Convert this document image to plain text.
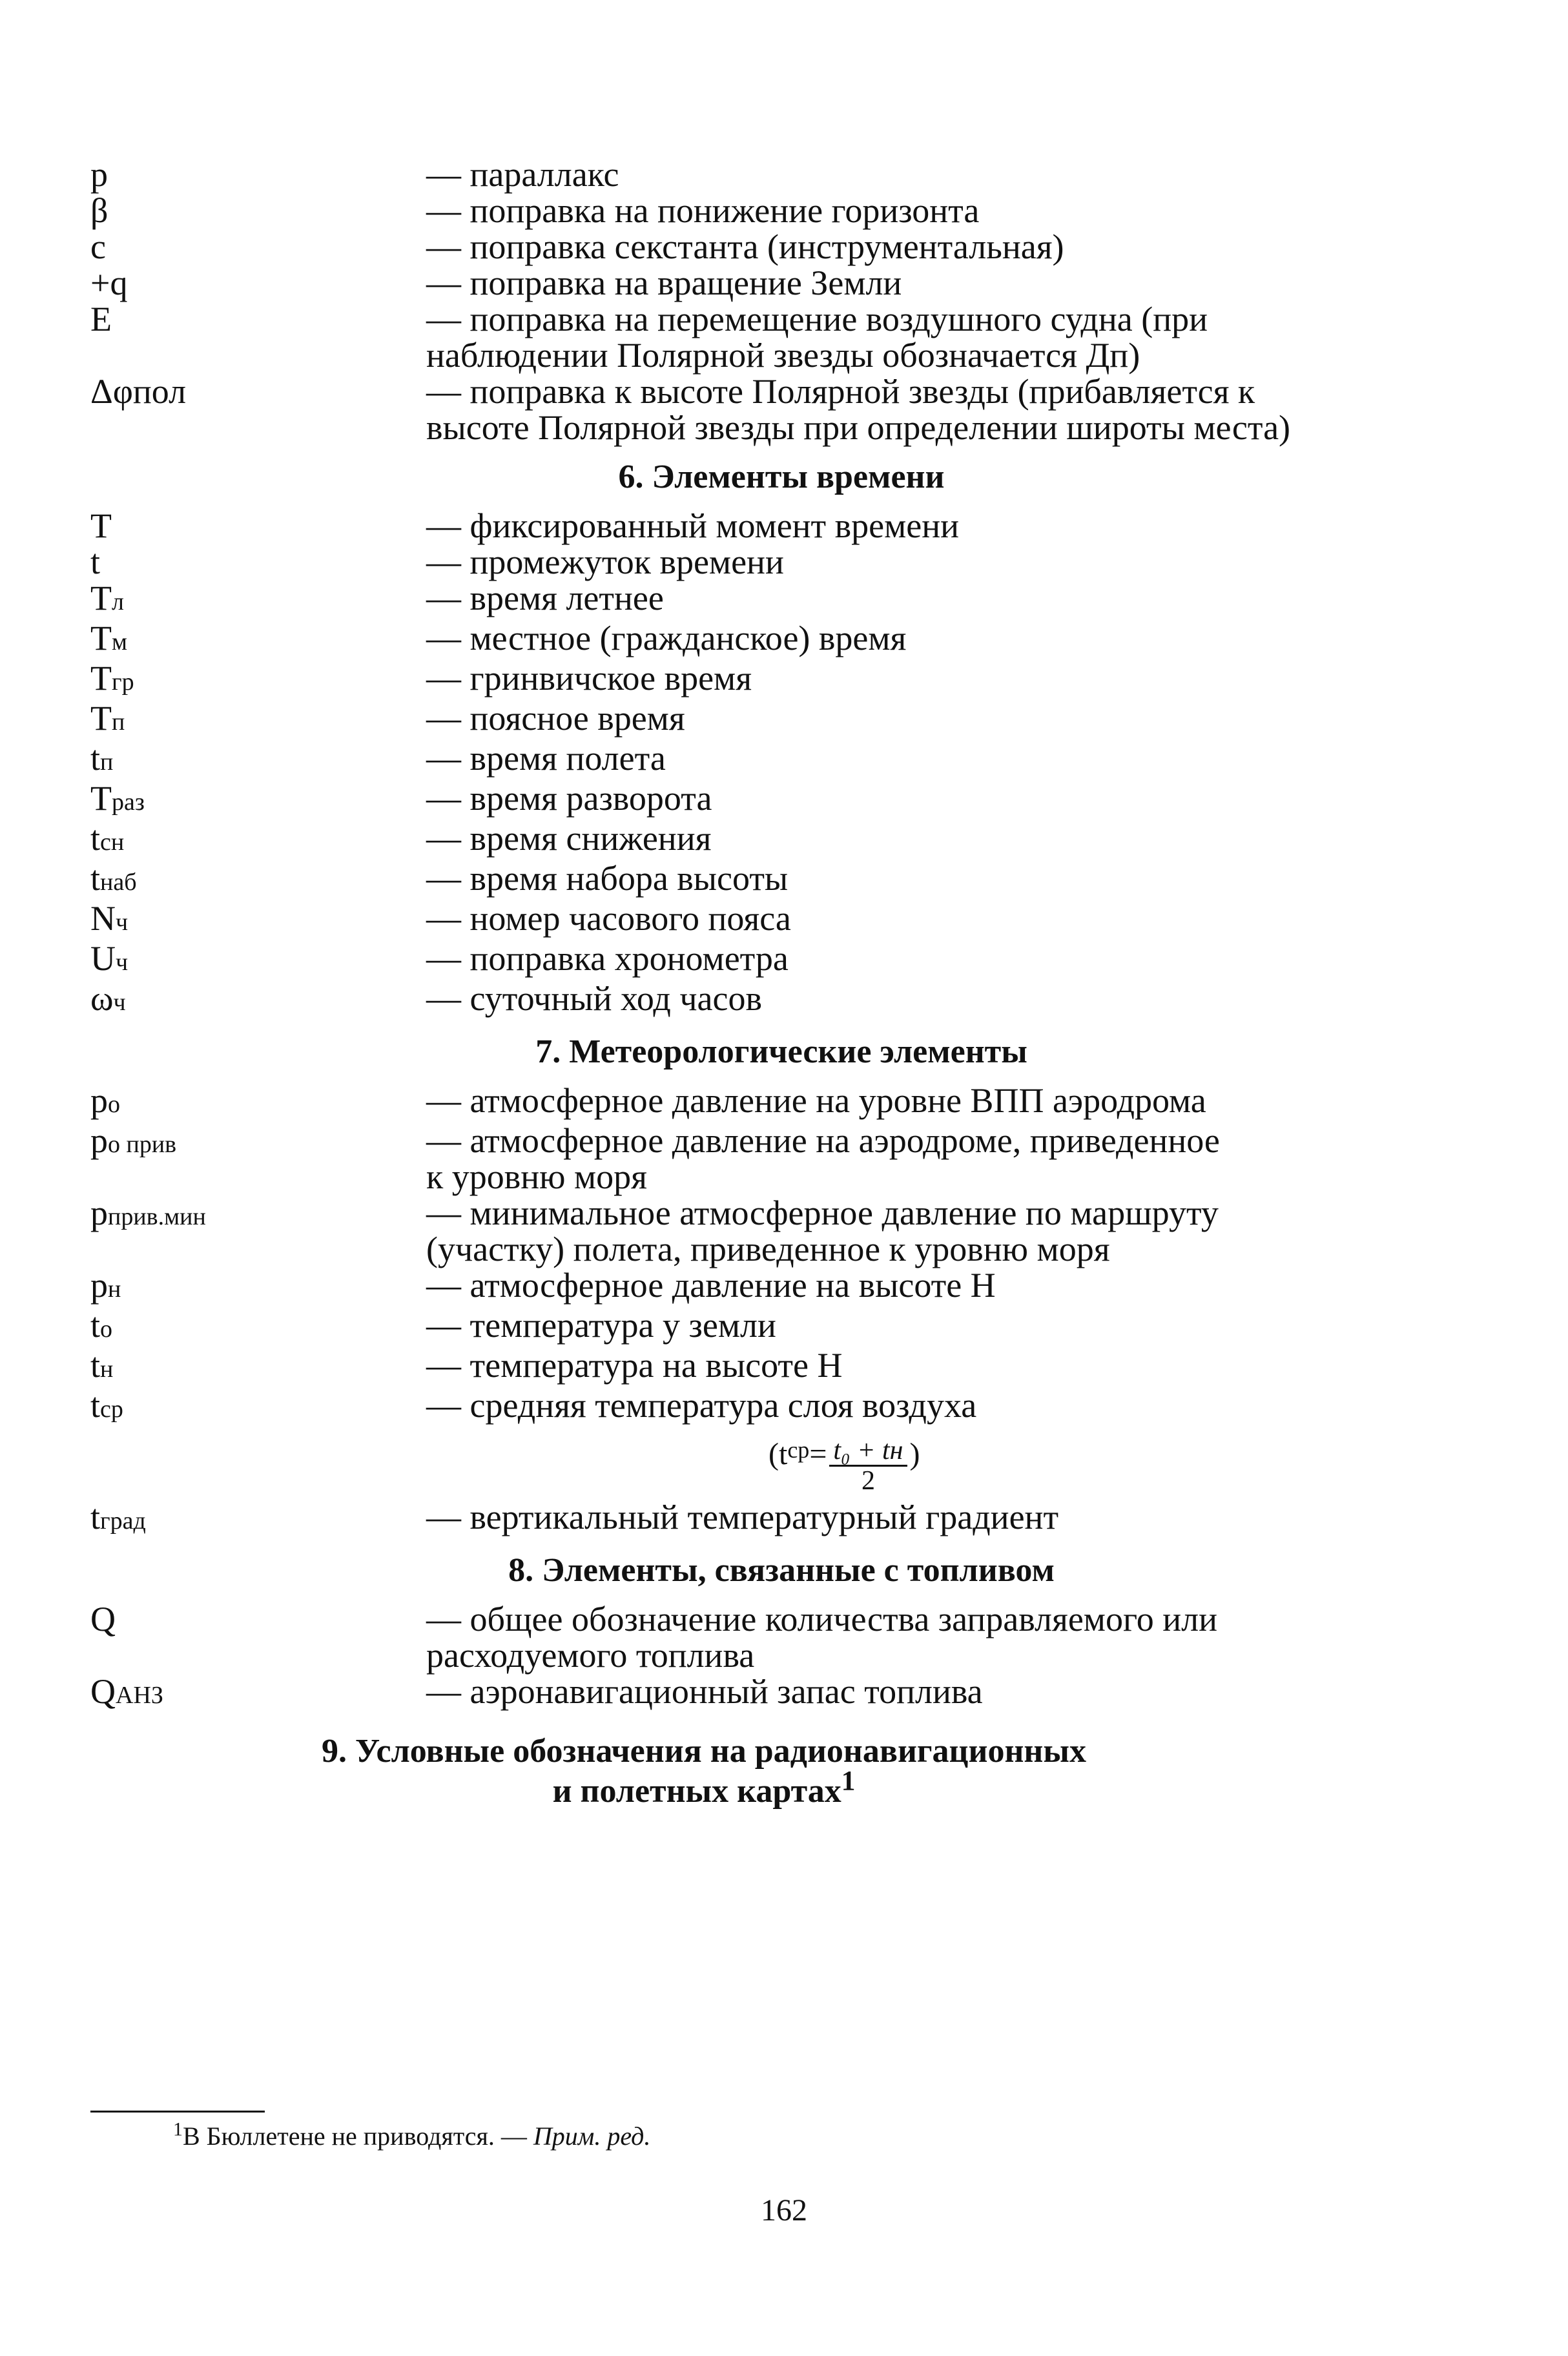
p	— параллакс
β	— поправка на понижение горизонта
c	— поправка секстанта (инструментальная)
+q	— поправка на вращение Земли
E	— поправка на перемещение воздушного судна (при
наблюдении Полярной звезды обозначается Дп)
Δφпол	— поправка к высоте Полярной звезды (прибавляется к
высоте Полярной звезды при определении широты места)
6. Элементы времени
T	— фиксированный момент времени
t	— промежуток времени
Tл	— время летнее
Tм	— местное (гражданское) время
Tгр	— гринвичское время
Tп	— поясное время
tп	— время полета
Tраз	— время разворота
tсн	— время снижения
tнаб	— время набора высоты
Nч	— номер часового пояса
Uч	— поправка хронометра
ωч	— суточный ход часов
7. Метеорологические элементы
po	— атмосферное давление на уровне ВПП аэродрома
po прив	— атмосферное давление на аэродроме, приведенное
к уровню моря
pприв.мин	— минимальное атмосферное давление по маршруту
(участку) полета, приведенное к уровню моря
pн	— атмосферное давление на высоте Н
to	— температура у земли
tн	— температура на высоте Н
tср	— средняя температура слоя воздуха
(t ср = $\frac{\text{t₀ + tн}}{2}$ )
tград	— вертикальный температурный градиент
8. Элементы, связанные с топливом
Q	— общее обозначение количества заправляемого или
расходуемого топлива
QАНЗ	— аэронавигационный запас топлива
9. Условные обозначения на радионавигационных
и полетных картах$^1$
$^1$В Бюллетене не приводятся. — Прим. ред.
162
